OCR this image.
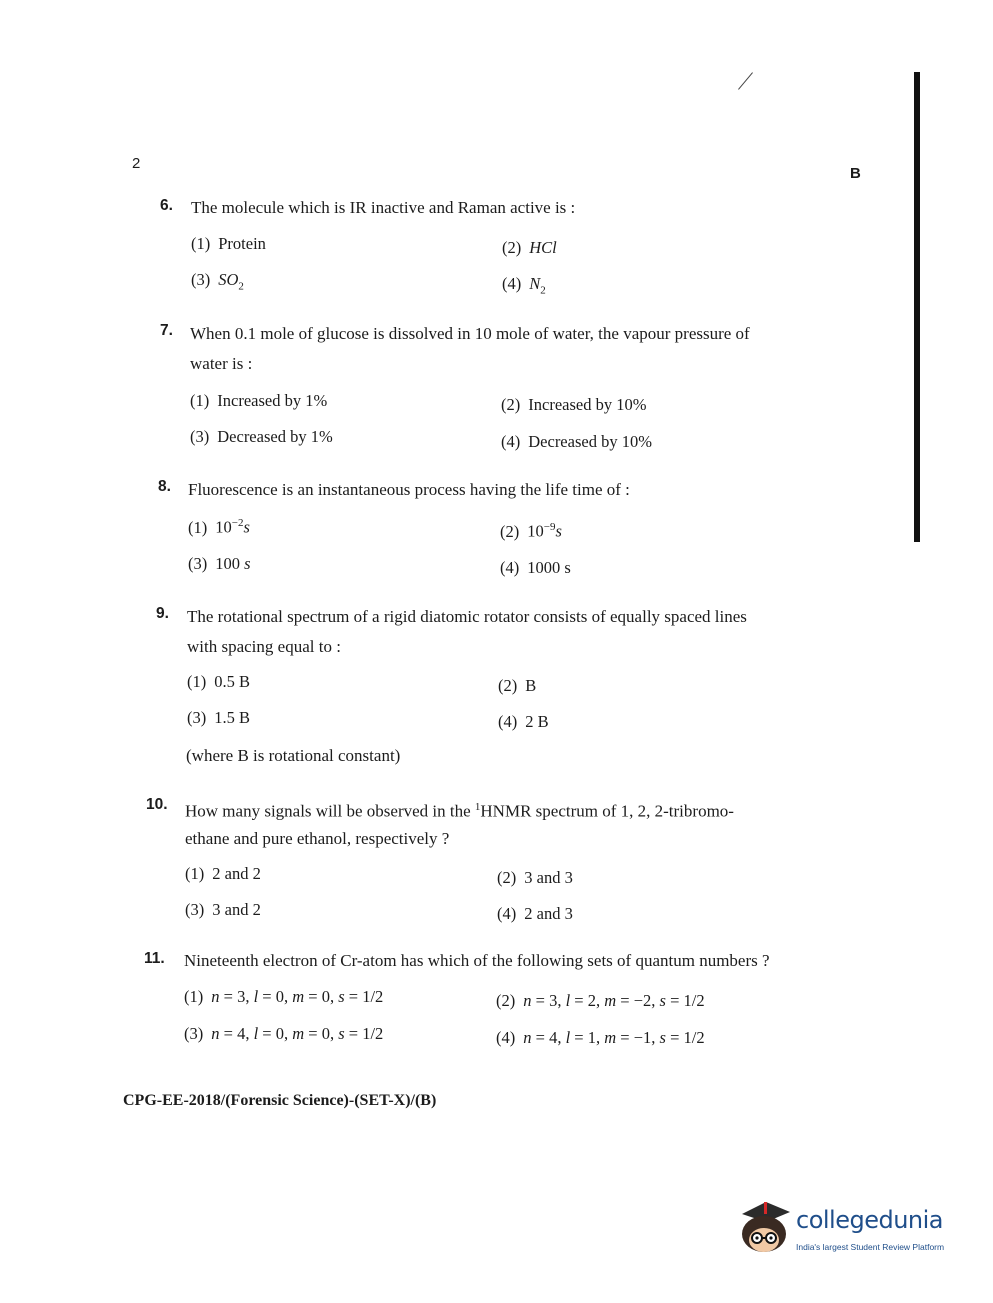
2
B
6. The molecule which is IR inactive and Raman active is :
(1) Protein	(2) HCl
(3) $SO_2$	(4) $N_2$
7. When 0.1 mole of glucose is dissolved in 10 mole of water, the vapour pressure of
water is :
(1) Increased by 1%	(2) Increased by 10%
(3) Decreased by 1%	(4) Decreased by 10%
8. Fluorescence is an instantaneous process having the life time of :
(1) $10^{-2}s$	(2) $10^{-9}s$
(3) 100 s	(4) 1000 s
9. The rotational spectrum of a rigid diatomic rotator consists of equally spaced lines
with spacing equal to :
(1) 0.5 B	(2) B
(3) 1.5 B	(4) 2 B
(where B is rotational constant)
10. How many signals will be observed in the $^1$HNMR spectrum of 1, 2, 2-tribromo-
ethane and pure ethanol, respectively ?
(1) 2 and 2	(2) 3 and 3
(3) 3 and 2	(4) 2 and 3
11. Nineteenth electron of Cr-atom has which of the following sets of quantum numbers ?
(1) n = 3, l = 0, m = 0, s = 1/2	(2) n = 3, l = 2, m = −2, s = 1/2
(3) n = 4, l = 0, m = 0, s = 1/2	(4) n = 4, l = 1, m = −1, s = 1/2
CPG-EE-2018/(Forensic Science)-(SET-X)/(B)
collegedunia
India's largest Student Review Platform
